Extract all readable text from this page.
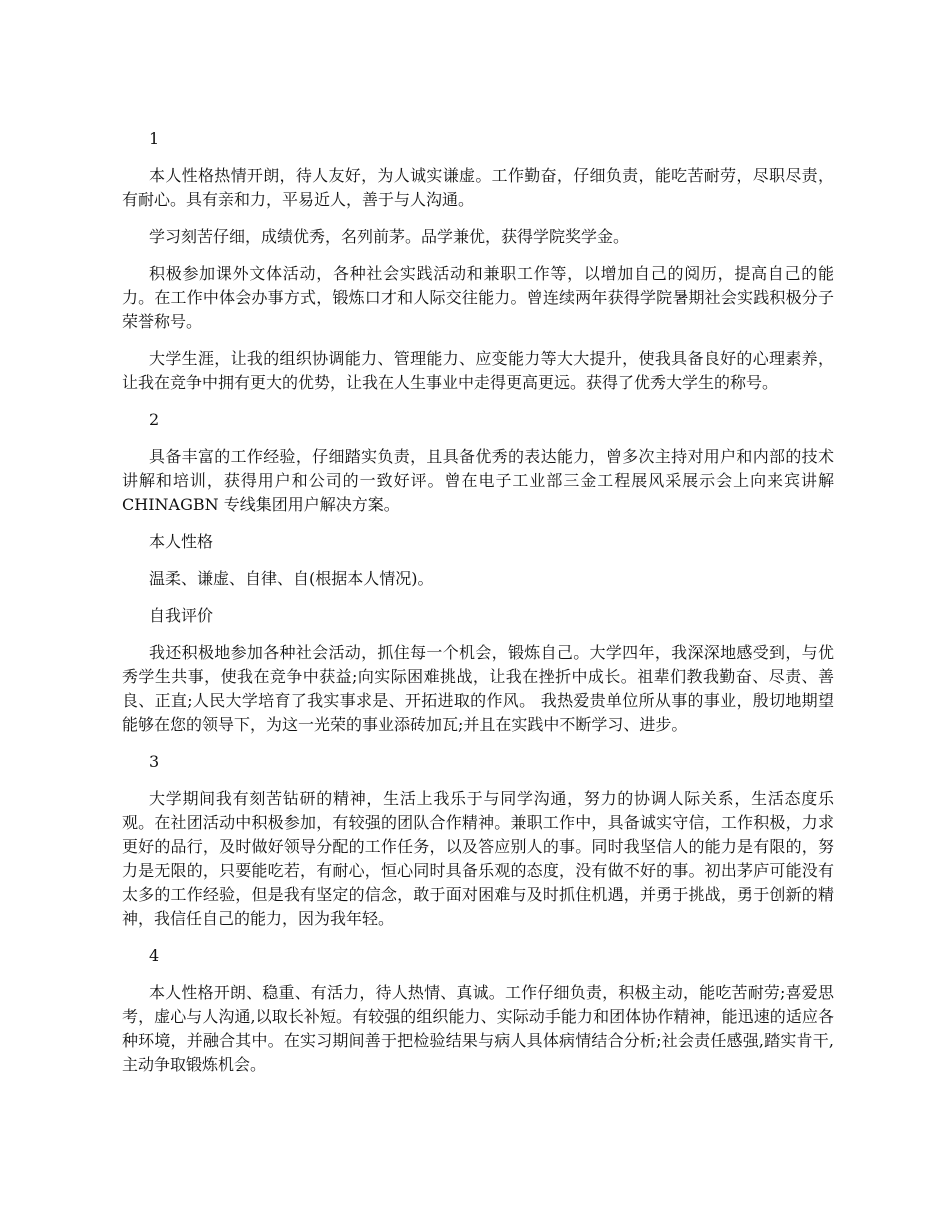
1

本人性格热情开朗，待人友好，为人诚实谦虚。工作勤奋，仔细负责，能吃苦耐劳，尽职尽责，有耐心。具有亲和力，平易近人，善于与人沟通。

学习刻苦仔细，成绩优秀，名列前茅。品学兼优，获得学院奖学金。

积极参加课外文体活动，各种社会实践活动和兼职工作等，以增加自己的阅历，提高自己的能力。在工作中体会办事方式，锻炼口才和人际交往能力。曾连续两年获得学院暑期社会实践积极分子荣誉称号。

大学生涯，让我的组织协调能力、管理能力、应变能力等大大提升，使我具备良好的心理素养，让我在竞争中拥有更大的优势，让我在人生事业中走得更高更远。获得了优秀大学生的称号。

2

具备丰富的工作经验，仔细踏实负责，且具备优秀的表达能力，曾多次主持对用户和内部的技术讲解和培训，获得用户和公司的一致好评。曾在电子工业部三金工程展风采展示会上向来宾讲解 CHINAGBN 专线集团用户解决方案。

本人性格

温柔、谦虚、自律、自(根据本人情况)。

自我评价

我还积极地参加各种社会活动，抓住每一个机会，锻炼自己。大学四年，我深深地感受到，与优秀学生共事，使我在竞争中获益;向实际困难挑战，让我在挫折中成长。祖辈们教我勤奋、尽责、善良、正直;人民大学培育了我实事求是、开拓进取的作风。 我热爱贵单位所从事的事业，殷切地期望能够在您的领导下，为这一光荣的事业添砖加瓦;并且在实践中不断学习、进步。

3

大学期间我有刻苦钻研的精神，生活上我乐于与同学沟通，努力的协调人际关系，生活态度乐观。在社团活动中积极参加，有较强的团队合作精神。兼职工作中，具备诚实守信，工作积极，力求更好的品行，及时做好领导分配的工作任务，以及答应别人的事。同时我坚信人的能力是有限的，努力是无限的，只要能吃若，有耐心，恒心同时具备乐观的态度，没有做不好的事。初出茅庐可能没有太多的工作经验，但是我有坚定的信念，敢于面对困难与及时抓住机遇，并勇于挑战，勇于创新的精神，我信任自己的能力，因为我年轻。

4

本人性格开朗、稳重、有活力，待人热情、真诚。工作仔细负责，积极主动，能吃苦耐劳;喜爱思考，虚心与人沟通,以取长补短。有较强的组织能力、实际动手能力和团体协作精神，能迅速的适应各种环境，并融合其中。在实习期间善于把检验结果与病人具体病情结合分析;社会责任感强,踏实肯干,主动争取锻炼机会。
